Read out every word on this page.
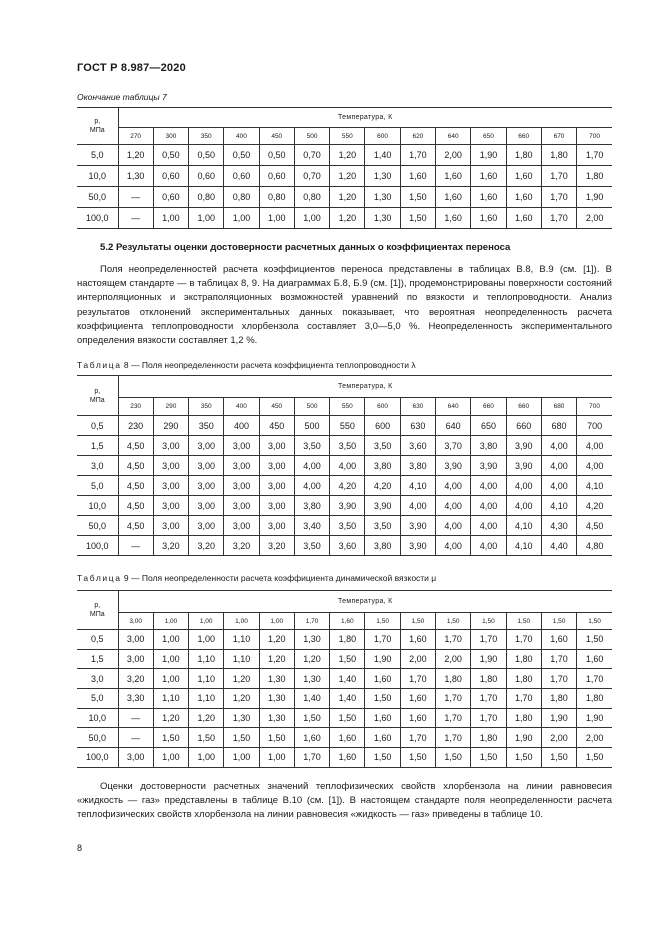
ГОСТ Р 8.987—2020
Окончание таблицы 7
p,
МПа	Температура, К													
	270	300	350	400	450	500	550	600	620	640	650	660	670	700
5,0	1,20	0,50	0,50	0,50	0,50	0,70	1,20	1,40	1,70	2,00	1,90	1,80	1,80	1,70
10,0	1,30	0,60	0,60	0,60	0,60	0,70	1,20	1,30	1,60	1,60	1,60	1,60	1,70	1,80
50,0	—	0,60	0,80	0,80	0,80	0,80	1,20	1,30	1,50	1,60	1,60	1,60	1,70	1,90
100,0	—	1,00	1,00	1,00	1,00	1,00	1,20	1,30	1,50	1,60	1,60	1,60	1,70	2,00
5.2 Результаты оценки достоверности расчетных данных о коэффициентах переноса

Поля неопределенностей расчета коэффициентов переноса представлены в таблицах В.8, В.9 (см. [1]). В настоящем стандарте — в таблицах 8, 9. На диаграммах Б.8, Б.9 (см. [1]), продемонстрированы поверхности состояний интерполяционных и экстраполяционных возможностей уравнений по вязкости и теплопроводности. Анализ результатов отклонений экспериментальных данных показывает, что вероятная неопределенность расчета коэффициента теплопроводности хлорбензола составляет 3,0—5,0 %. Неопределенность экспериментального определения вязкости составляет 1,2 %.

Таблица 8 — Поля неопределенности расчета коэффициента теплопроводности λ
p,
МПа	Температура, К													
	230	290	350	400	450	500	550	600	630	640	660	660	680	700
0,5	230	290	350	400	450	500	550	600	630	640	650	660	680	700
1,5	4,50	3,00	3,00	3,00	3,00	3,50	3,50	3,50	3,60	3,70	3,80	3,90	4,00	4,00
3,0	4,50	3,00	3,00	3,00	3,00	4,00	4,00	3,80	3,80	3,90	3,90	3,90	4,00	4,00
5,0	4,50	3,00	3,00	3,00	3,00	4,00	4,20	4,20	4,10	4,00	4,00	4,00	4,00	4,10
10,0	4,50	3,00	3,00	3,00	3,00	3,80	3,90	3,90	4,00	4,00	4,00	4,00	4,10	4,20
50,0	4,50	3,00	3,00	3,00	3,00	3,40	3,50	3,50	3,90	4,00	4,00	4,10	4,30	4,50
100,0	—	3,20	3,20	3,20	3,20	3,50	3,60	3,80	3,90	4,00	4,00	4,10	4,40	4,80
Таблица 9 — Поля неопределенности расчета коэффициента динамической вязкости μ
p,
МПа	Температура, К													
	3,00	1,00	1,00	1,00	1,00	1,70	1,60	1,50	1,50	1,50	1,50	1,50	1,50	1,50
0,5	3,00	1,00	1,00	1,10	1,20	1,30	1,80	1,70	1,60	1,70	1,70	1,70	1,60	1,50
1,5	3,00	1,00	1,10	1,10	1,20	1,20	1,50	1,90	2,00	2,00	1,90	1,80	1,70	1,60
3,0	3,20	1,00	1,10	1,20	1,30	1,30	1,40	1,60	1,70	1,80	1,80	1,80	1,70	1,70
5,0	3,30	1,10	1,10	1,20	1,30	1,40	1,40	1,50	1,60	1,70	1,70	1,70	1,80	1,80
10,0	—	1,20	1,20	1,30	1,30	1,50	1,50	1,60	1,60	1,70	1,70	1,80	1,90	1,90
50,0	—	1,50	1,50	1,50	1,50	1,60	1,60	1,60	1,70	1,70	1,80	1,90	2,00	2,00
100,0	3,00	1,00	1,00	1,00	1,00	1,70	1,60	1,50	1,50	1,50	1,50	1,50	1,50	1,50

Оценки достоверности расчетных значений теплофизических свойств хлорбензола на линии равновесия «жидкость — газ» представлены в таблице В.10 (см. [1]). В настоящем стандарте поля неопределенности расчета теплофизических свойств хлорбензола на линии равновесия «жидкость — газ» приведены в таблице 10.

8
